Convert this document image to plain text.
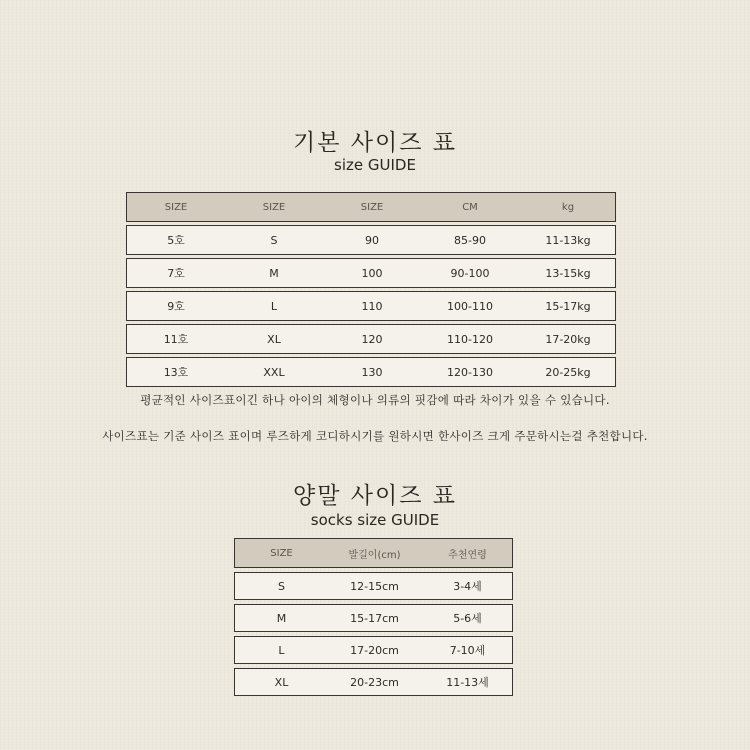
기본 사이즈 표
size GUIDE
SIZE	SIZE	SIZE	CM	kg
5호	S	90	85-90	11-13kg
7호	M	100	90-100	13-15kg
9호	L	110	100-110	15-17kg
11호	XL	120	110-120	17-20kg
13호	XXL	130	120-130	20-25kg
평균적인 사이즈표이긴 하나 아이의 체형이나 의류의 핏감에 따라 차이가 있을 수 있습니다.
사이즈표는 기준 사이즈 표이며 루즈하게 코디하시기를 원하시면 한사이즈 크게 주문하시는걸 추천합니다.
양말 사이즈 표
socks size GUIDE
SIZE	발길이(cm)	추천연령
S	12-15cm	3-4세
M	15-17cm	5-6세
L	17-20cm	7-10세
XL	20-23cm	11-13세
